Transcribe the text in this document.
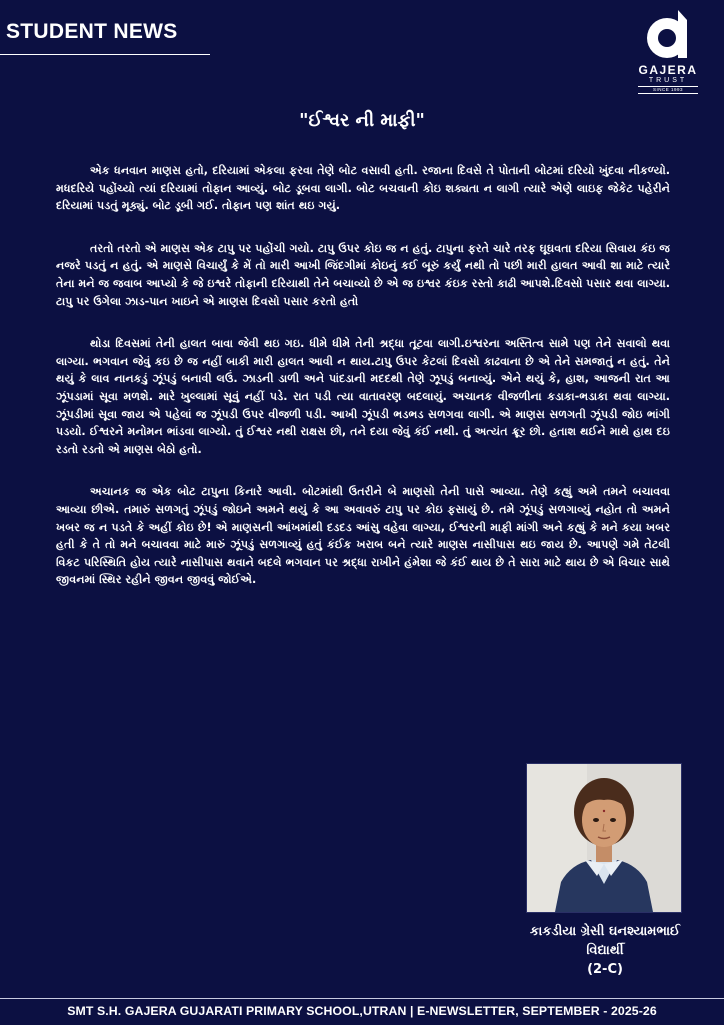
STUDENT NEWS
GAJERA
TRUST
SINCE 1993
"ઈશ્વર ની માફી"

એક ધનવાન માણસ હતો, દરિયામાં એકલા ફરવા તેણે બોટ વસાવી હતી. રજાના દિવસે તે પોતાની બોટમાં દરિયો ખુંદવા નીકળ્યો. મધદરિયે પહોંચ્યો ત્યાં દરિયામાં તોફાન આવ્યું. બોટ ડૂબવા લાગી. બોટ બચવાની કોઇ શક્યતા ન લાગી ત્યારે એણે લાઇફ જેકેટ પહેરીને દરિયામાં પડતું મૂક્યું. બોટ ડૂબી ગઈ. તોફાન પણ શાંત થઇ ગયું.

તરતો તરતો એ માણસ એક ટાપુ પર પહોંચી ગયો. ટાપુ ઉપર કોઇ જ ન હતું. ટાપુના ફરતે ચારે તરફ ઘૂઘવતા દરિયા સિવાય કંઇ જ નજરે પડતું ન હતું. એ માણસે વિચાર્યું કે મેં તો મારી આખી જિંદગીમાં કોઇનું કઈ બૂરું કર્યું નથી તો પછી મારી હાલત આવી શા માટે ત્યારે તેના મને જ જવાબ આપ્યો કે જે ઇશ્વરે તોફાની દરિયાથી તેને બચાવ્યો છે એ જ ઇશ્વર કંઇક રસ્તો કાઢી આપશે.દિવસો પસાર થવા લાગ્યા. ટાપુ પર ઉગેલા ઝાડ-પાન ખાઇને એ માણસ દિવસો પસાર કરતો હતો

થોડા દિવસમાં તેની હાલત બાવા જેવી થઇ ગઇ. ધીમે ધીમે તેની શ્રદ્ધા તૂટવા લાગી.ઇશ્વરના અસ્તિત્વ સામે પણ તેને સવાલો થવા લાગ્યા. ભગવાન જેવું કઇ છે જ નહીં બાકી મારી હાલત આવી ન થાય.ટાપુ ઉપર કેટલાં દિવસો કાઢવાના છે એ તેને સમજાતું ન હતું. તેને થયું કે લાવ નાનકડું ઝૂંપડું બનાવી લઉં. ઝાડની ડાળી અને પાંદડાની મદદથી તેણે ઝૂપડું બનાવ્યું. એને થયું કે, હાશ, આજની રાત આ ઝૂંપડામાં સૂવા મળશે. મારે ખુલ્લામાં સૂવું નહીં પડે. રાત પડી ત્યા વાતાવરણ બદલાયું. અચાનક વીજળીના કડાકા-ભડાકા થવા લાગ્યા. ઝૂંપડીમાં સૂવા જાય એ પહેલાં જ ઝૂંપડી ઉપર વીજળી પડી. આખી ઝૂંપડી ભડભડ સળગવા લાગી. એ માણસ સળગતી ઝૂંપડી જોઇ ભાંગી પડયો. ઈશ્વરને મનોમન ભાંડવા લાગ્યો. તું ઈશ્વર નથી રાક્ષસ છો, તને દયા જેવું કંઈ નથી. તું અત્યંત ક્રૂર છો. હતાશ થઈને માથે હાથ દઇ રડતો રડતો એ માણસ બેઠો હતો.

અચાનક જ એક બોટ ટાપુના કિનારે આવી. બોટમાંથી ઉતરીને બે માણસો તેની પાસે આવ્યા. તેણે કહ્યું અમે તમને બચાવવા આવ્યા છીએ. તમારું સળગતું ઝૂંપડું જોઇને અમને થયું કે આ અવાવરું ટાપુ પર કોઇ ફસાયું છે. તમે ઝૂંપડું સળગાવ્યું નહોત તો અમને ખબર જ ન પડતે કે અહીં કોઇ છે! એ માણસની આંખમાંથી દડદડ આંસુ વહેવા લાગ્યા, ઈશ્વરની માફી માંગી અને કહ્યું કે મને કયા ખબર હતી કે તે તો મને બચાવવા માટે મારું ઝૂંપડું સળગાવ્યું હતું કંઈક ખરાબ બને ત્યારે માણસ નાસીપાસ થઇ જાય છે. આપણે ગમે તેટલી વિકટ પરિસ્થિતિ હોય ત્યારે નાસીપાસ થવાને બદલે ભગવાન પર શ્રદ્ધા રાખીને હંમેશા જે કંઈ થાય છે તે સારા માટે થાય છે એ વિચાર સાથે જીવનમાં સ્થિર રહીને જીવન જીવવું જોઈએ.

કાકડીયા ગ્રેસી ઘનશ્યામભાઈ
વિદ્યાર્થી
(2-C)
SMT S.H. GAJERA GUJARATI PRIMARY SCHOOL,UTRAN | E-NEWSLETTER, SEPTEMBER - 2025-26
